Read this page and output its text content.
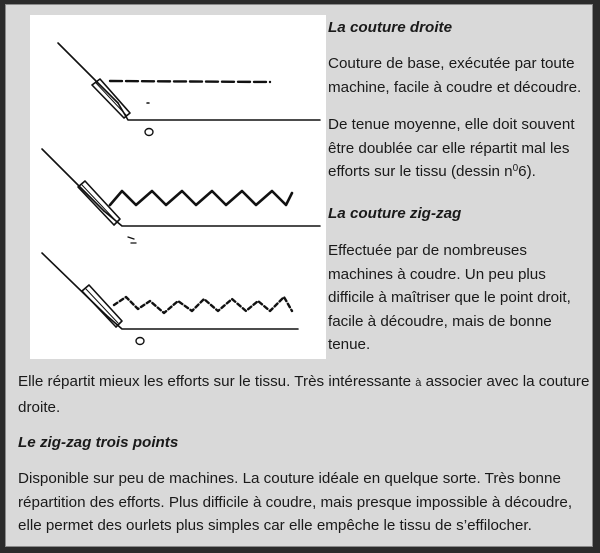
La couture droite

Couture de base, exécutée par toute machine, facile à coudre et découdre.

De tenue moyenne, elle doit souvent être doublée car elle répartit mal les efforts sur le tissu (dessin $n^06$).

La couture zig-zag

Effectuée par de nombreuses machines à coudre. Un peu plus difficile à maîtriser que le point droit, facile à découdre, mais de bonne tenue.

Elle répartit mieux les efforts sur le tissu. Très intéressante à associer avec la couture droite.

Le zig-zag trois points

Disponible sur peu de machines. La couture idéale en quelque sorte. Très bonne répartition des efforts. Plus difficile à coudre, mais presque impossible à découdre, elle permet des ourlets plus simples car elle empêche le tissu de s’effilocher.
